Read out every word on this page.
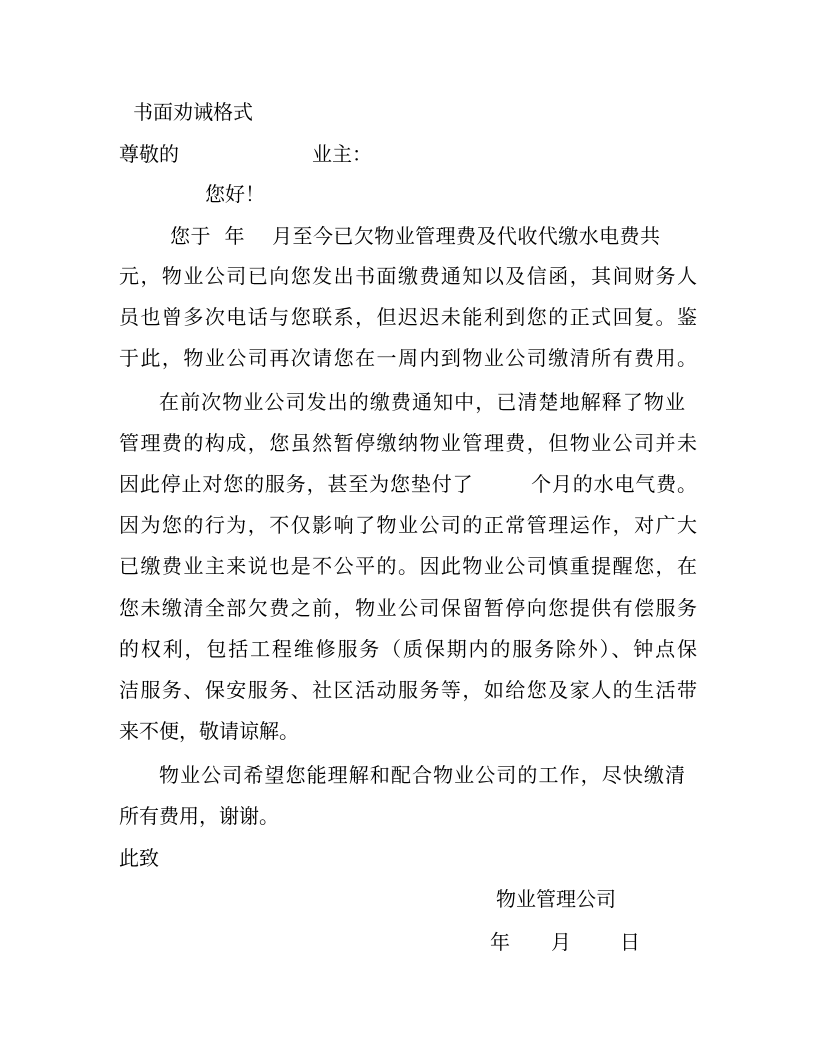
书面劝诫格式
尊敬的	业主：
您好！
您于  年    月至今已欠物业管理费及代收代缴水电费共
元，物业公司已向您发出书面缴费通知以及信函，其间财务人
员也曾多次电话与您联系，但迟迟未能利到您的正式回复。鉴
于此，物业公司再次请您在一周内到物业公司缴清所有费用。
在前次物业公司发出的缴费通知中，已清楚地解释了物业
管理费的构成，您虽然暂停缴纳物业管理费，但物业公司并未
因此停止对您的服务，甚至为您垫付了        个月的水电气费。
因为您的行为，不仅影响了物业公司的正常管理运作，对广大
已缴费业主来说也是不公平的。因此物业公司慎重提醒您，在
您未缴清全部欠费之前，物业公司保留暂停向您提供有偿服务
的权利，包括工程维修服务（质保期内的服务除外）、钟点保
洁服务、保安服务、社区活动服务等，如给您及家人的生活带
来不便，敬请谅解。
物业公司希望您能理解和配合物业公司的工作，尽快缴清
所有费用，谢谢。
此致
物业管理公司
年 月 日
